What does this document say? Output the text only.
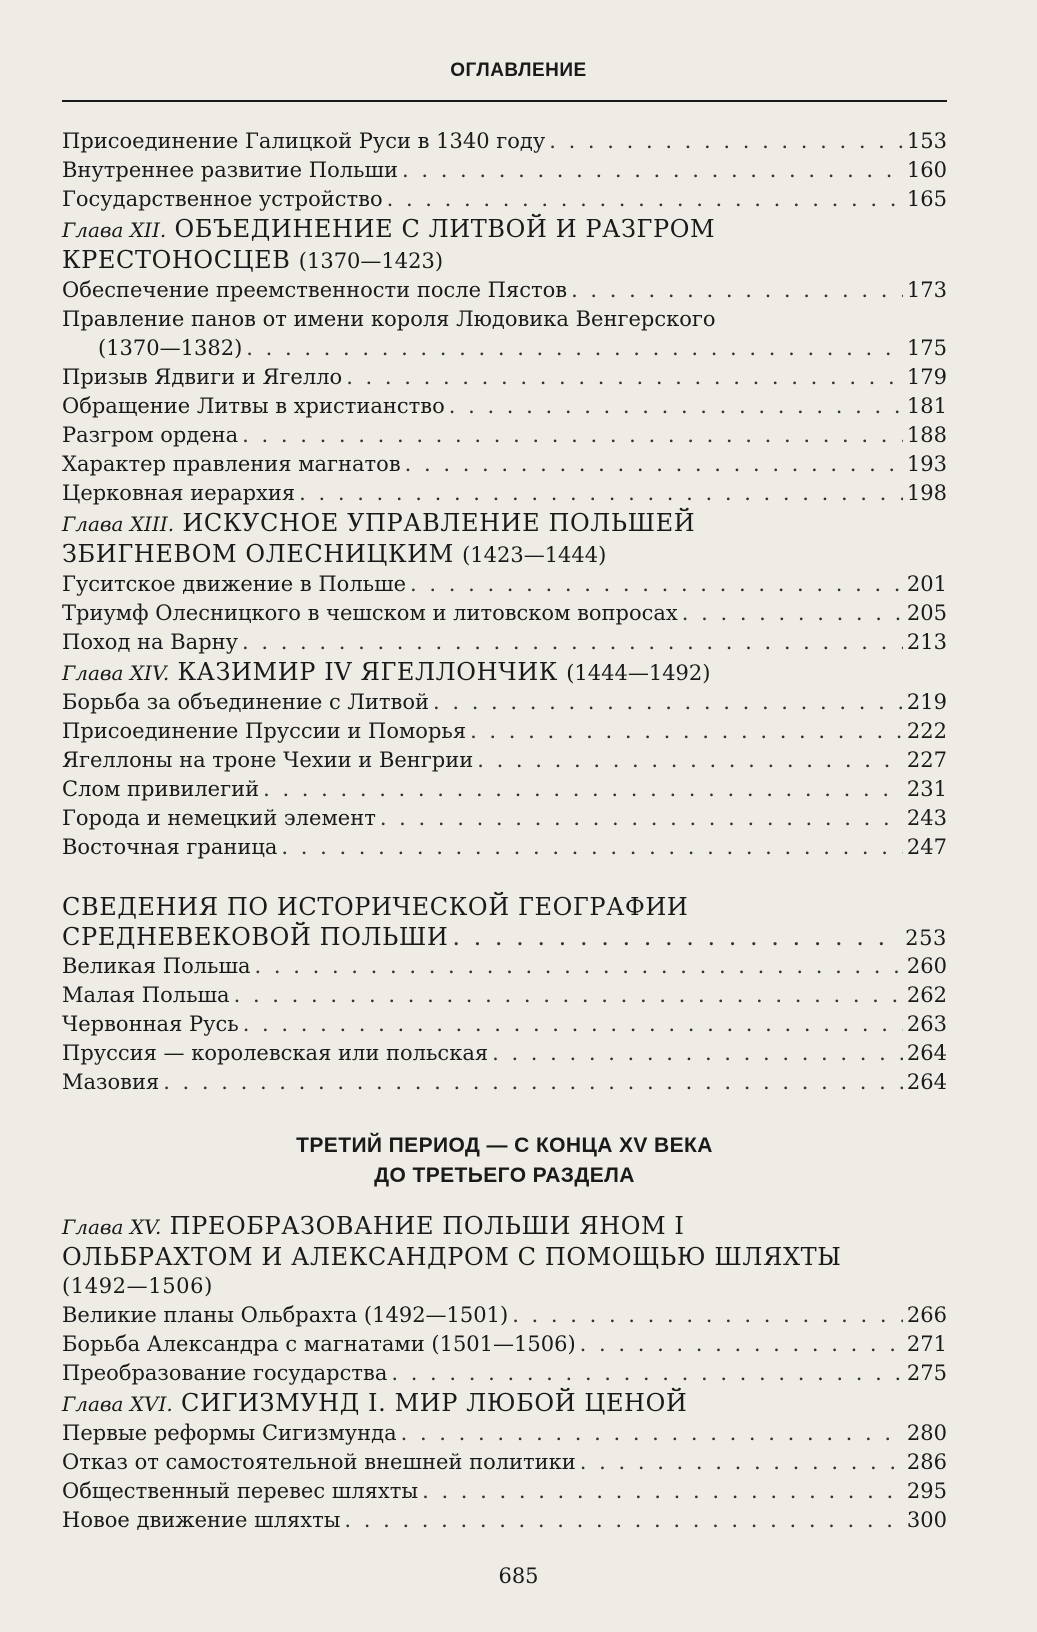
ОГЛАВЛЕНИЕ
Присоединение Галицкой Руси в 1340 году . . .	153
Внутреннее развитие Польши . . .	160
Государственное устройство . . .	165
Глава XII. ОБЪЕДИНЕНИЕ С ЛИТВОЙ И РАЗГРОМ
КРЕСТОНОСЦЕВ (1370—1423)
Обеспечение преемственности после Пястов . . .	173
Правление панов от имени короля Людовика Венгерского
(1370—1382) . . .	175
Призыв Ядвиги и Ягелло . . .	179
Обращение Литвы в христианство . . .	181
Разгром ордена . . .	188
Характер правления магнатов . . .	193
Церковная иерархия . . .	198
Глава XIII. ИСКУСНОЕ УПРАВЛЕНИЕ ПОЛЬШЕЙ
ЗБИГНЕВОМ ОЛЕСНИЦКИМ (1423—1444)
Гуситское движение в Польше . . .	201
Триумф Олесницкого в чешском и литовском вопросах . . .	205
Поход на Варну . . .	213
Глава XIV. КАЗИМИР IV ЯГЕЛЛОНЧИК (1444—1492)
Борьба за объединение с Литвой . . .	219
Присоединение Пруссии и Поморья . . .	222
Ягеллоны на троне Чехии и Венгрии . . .	227
Слом привилегий . . .	231
Города и немецкий элемент . . .	243
Восточная граница . . .	247
СВЕДЕНИЯ ПО ИСТОРИЧЕСКОЙ ГЕОГРАФИИ
СРЕДНЕВЕКОВОЙ ПОЛЬШИ . . .	253
Великая Польша . . .	260
Малая Польша . . .	262
Червонная Русь . . .	263
Пруссия — королевская или польская . . .	264
Мазовия . . .	264
ТРЕТИЙ ПЕРИОД — С КОНЦА XV ВЕКА
ДО ТРЕТЬЕГО РАЗДЕЛА
Глава XV. ПРЕОБРАЗОВАНИЕ ПОЛЬШИ ЯНОМ I
ОЛЬБРАХТОМ И АЛЕКСАНДРОМ С ПОМОЩЬЮ ШЛЯХТЫ
(1492—1506)
Великие планы Ольбрахта (1492—1501) . . .	266
Борьба Александра с магнатами (1501—1506) . . .	271
Преобразование государства . . .	275
Глава XVI. СИГИЗМУНД I. МИР ЛЮБОЙ ЦЕНОЙ
Первые реформы Сигизмунда . . .	280
Отказ от самостоятельной внешней политики . . .	286
Общественный перевес шляхты . . .	295
Новое движение шляхты . . .	300
685
